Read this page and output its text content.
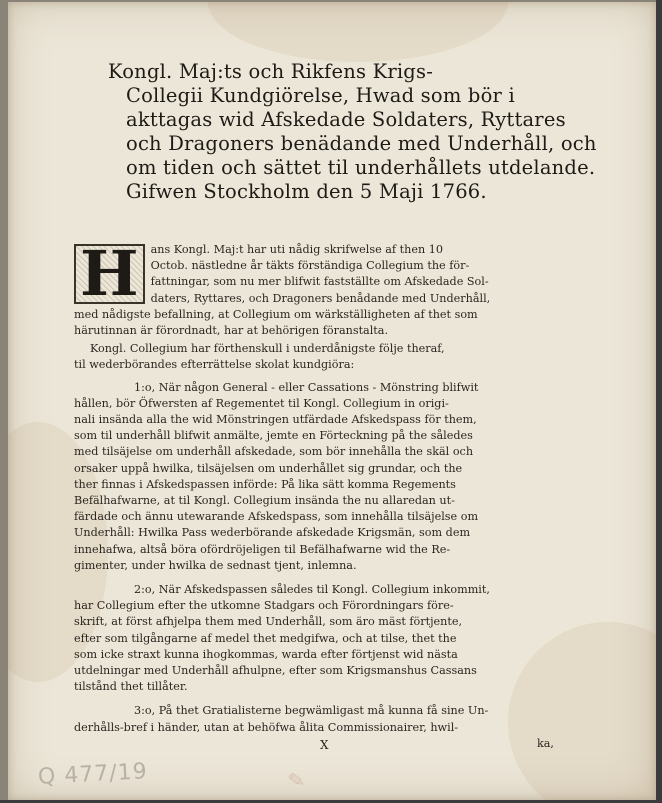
Kongl. Maj:ts och Rikfens Krigs-
Collegii Kundgiörelse, Hwad som bör i
akttagas wid Afskedade Soldaters, Ryttares
och Dragoners benädande med Underhåll, och
om tiden och sättet til underhållets utdelande.
Gifwen Stockholm den 5 Maji 1766.
H	ans Kongl. Maj:t har uti nådig skrifwelse af then 10
Octob. nästledne år täkts förständiga Collegium the för-
fattningar, som nu mer blifwit fastställte om Afskedade Sol-
daters, Ryttares, och Dragoners benådande med Underhåll,
med nådigste befallning, at Collegium om wärkställigheten af thet som
härutinnan är förordnadt, har at behörigen föranstalta.
Kongl. Collegium har förthenskull i underdånigste följe theraf,
til wederbörandes efterrättelse skolat kundgiöra:
1:o, När någon General - eller Cassations - Mönstring blifwit
hållen, bör Öfwersten af Regementet til Kongl. Collegium in origi-
nali insända alla the wid Mönstringen utfärdade Afskedspass för them,
som til underhåll blifwit anmälte, jemte en Förteckning på the således
med tilsäjelse om underhåll afskedade, som bör innehålla the skäl och
orsaker uppå hwilka, tilsäjelsen om underhållet sig grundar, och the
ther finnas i Afskedspassen införde: På lika sätt komma Regements
Befälhafwarne, at til Kongl. Collegium insända the nu allaredan ut-
färdade och ännu utewarande Afskedspass, som innehålla tilsäjelse om
Underhåll: Hwilka Pass wederbörande afskedade Krigsmän, som dem
innehafwa, altså böra ofördröjeligen til Befälhafwarne wid the Re-
gimenter, under hwilka de sednast tjent, inlemna.
2:o, När Afskedspassen således til Kongl. Collegium inkommit,
har Collegium efter the utkomne Stadgars och Förordningars före-
skrift, at först afhjelpa them med Underhåll, som äro mäst förtjente,
efter som tilgångarne af medel thet medgifwa, och at tilse, thet the
som icke straxt kunna ihogkommas, warda efter förtjenst wid nästa
utdelningar med Underhåll afhulpne, efter som Krigsmanshus Cassans
tilstånd thet tillåter.
3:o, På thet Gratialisterne begwämligast må kunna få sine Un-
derhålls-bref i händer, utan at behöfwa ålita Commissionairer, hwil-
ka,
X
Q 477/19	✎
